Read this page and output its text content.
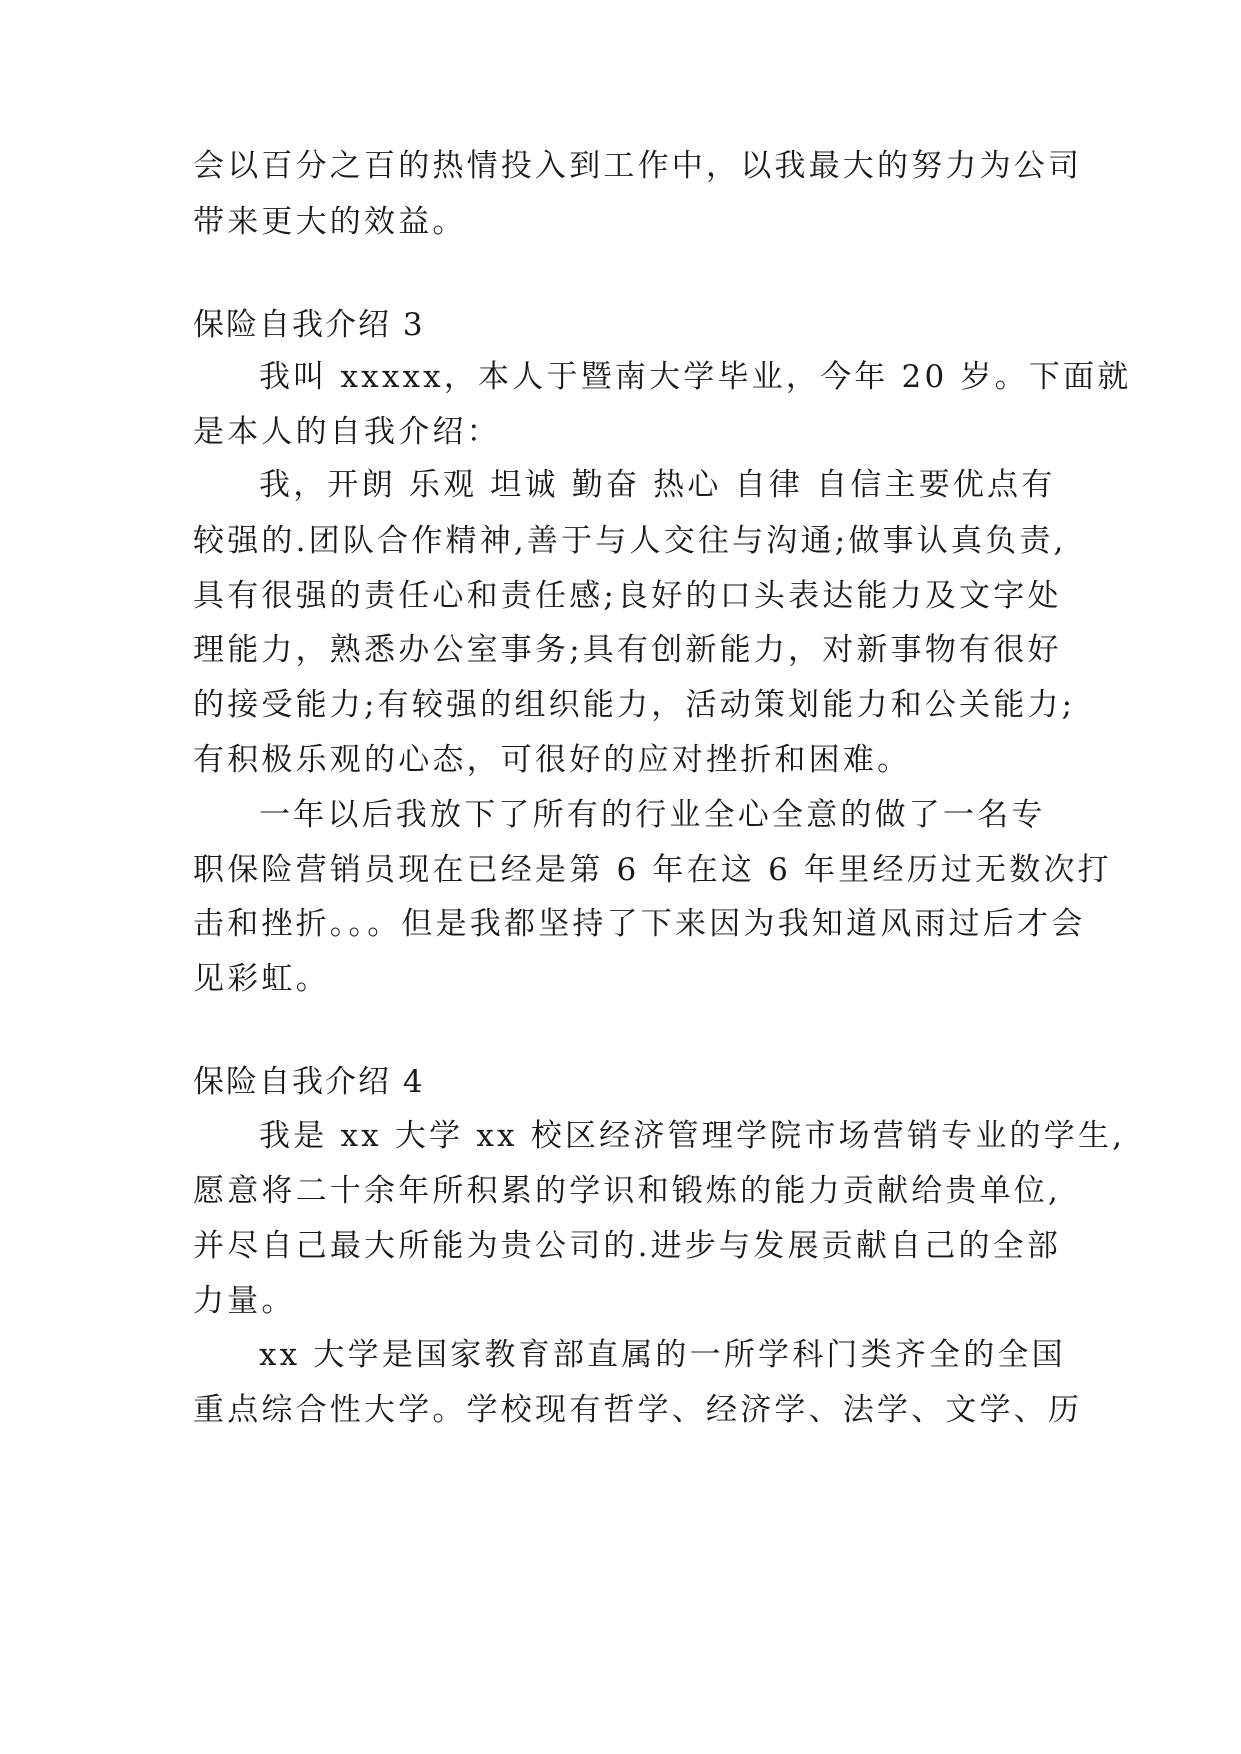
会以百分之百的热情投入到工作中，以我最大的努力为公司
带来更大的效益。
保险自我介绍 3
我叫 xxxxx，本人于暨南大学毕业，今年 20 岁。下面就
是本人的自我介绍：
我，开朗 乐观 坦诚 勤奋 热心 自律 自信主要优点有
较强的.团队合作精神,善于与人交往与沟通;做事认真负责,
具有很强的责任心和责任感;良好的口头表达能力及文字处
理能力，熟悉办公室事务;具有创新能力，对新事物有很好
的接受能力;有较强的组织能力，活动策划能力和公关能力;
有积极乐观的心态，可很好的应对挫折和困难。
一年以后我放下了所有的行业全心全意的做了一名专
职保险营销员现在已经是第 6 年在这 6 年里经历过无数次打
击和挫折。。。但是我都坚持了下来因为我知道风雨过后才会
见彩虹。
保险自我介绍 4
我是 xx 大学 xx 校区经济管理学院市场营销专业的学生,
愿意将二十余年所积累的学识和锻炼的能力贡献给贵单位,
并尽自己最大所能为贵公司的.进步与发展贡献自己的全部
力量。
xx 大学是国家教育部直属的一所学科门类齐全的全国
重点综合性大学。学校现有哲学、经济学、法学、文学、历
